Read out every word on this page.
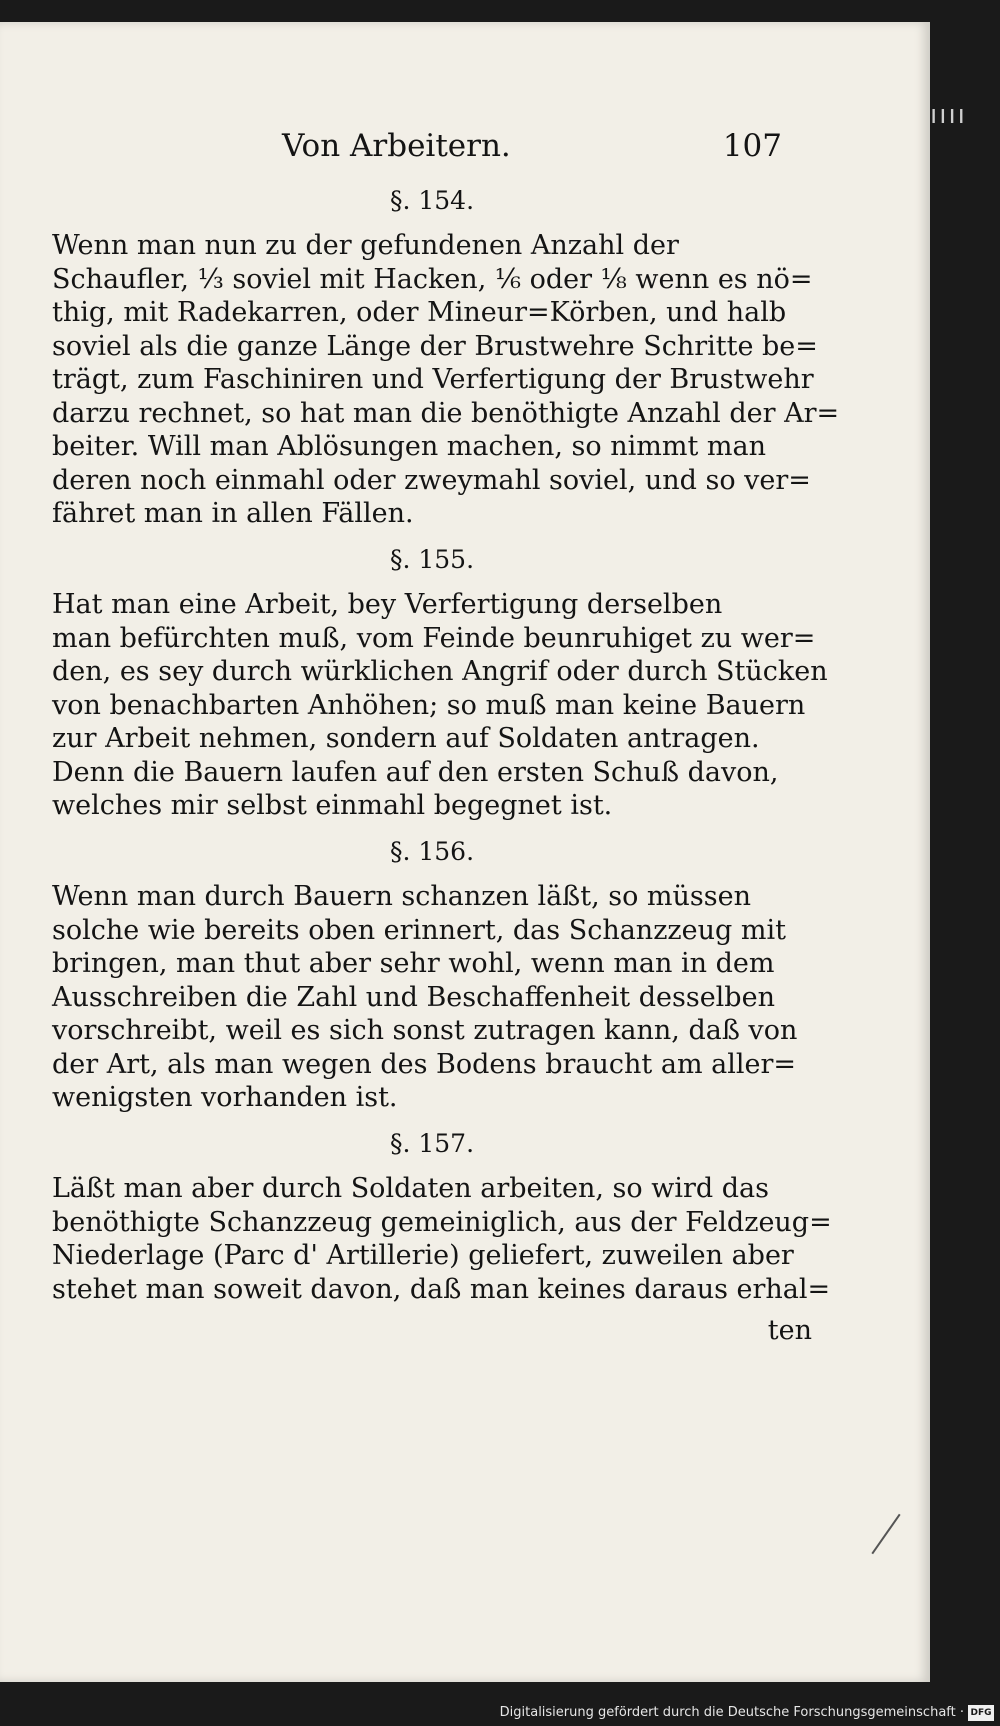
ıııı
Von Arbeitern.	107
§. 154.
Wenn man nun zu der gefundenen Anzahl der
Schaufler, ⅓ soviel mit Hacken, ⅙ oder ⅛ wenn es nö=
thig, mit Radekarren, oder Mineur=Körben, und halb
soviel als die ganze Länge der Brustwehre Schritte be=
trägt, zum Faschiniren und Verfertigung der Brustwehr
darzu rechnet, so hat man die benöthigte Anzahl der Ar=
beiter. Will man Ablösungen machen, so nimmt man
deren noch einmahl oder zweymahl soviel, und so ver=
fähret man in allen Fällen.
§. 155.
Hat man eine Arbeit, bey Verfertigung derselben
man befürchten muß, vom Feinde beunruhiget zu wer=
den, es sey durch würklichen Angrif oder durch Stücken
von benachbarten Anhöhen; so muß man keine Bauern
zur Arbeit nehmen, sondern auf Soldaten antragen.
Denn die Bauern laufen auf den ersten Schuß davon,
welches mir selbst einmahl begegnet ist.
§. 156.
Wenn man durch Bauern schanzen läßt, so müssen
solche wie bereits oben erinnert, das Schanzzeug mit
bringen, man thut aber sehr wohl, wenn man in dem
Ausschreiben die Zahl und Beschaffenheit desselben
vorschreibt, weil es sich sonst zutragen kann, daß von
der Art, als man wegen des Bodens braucht am aller=
wenigsten vorhanden ist.
§. 157.
Läßt man aber durch Soldaten arbeiten, so wird das
benöthigte Schanzzeug gemeiniglich, aus der Feldzeug=
Niederlage (Parc d' Artillerie) geliefert, zuweilen aber
stehet man soweit davon, daß man keines daraus erhal=
ten
Digitalisierung gefördert durch die Deutsche Forschungsgemeinschaft · DFG
